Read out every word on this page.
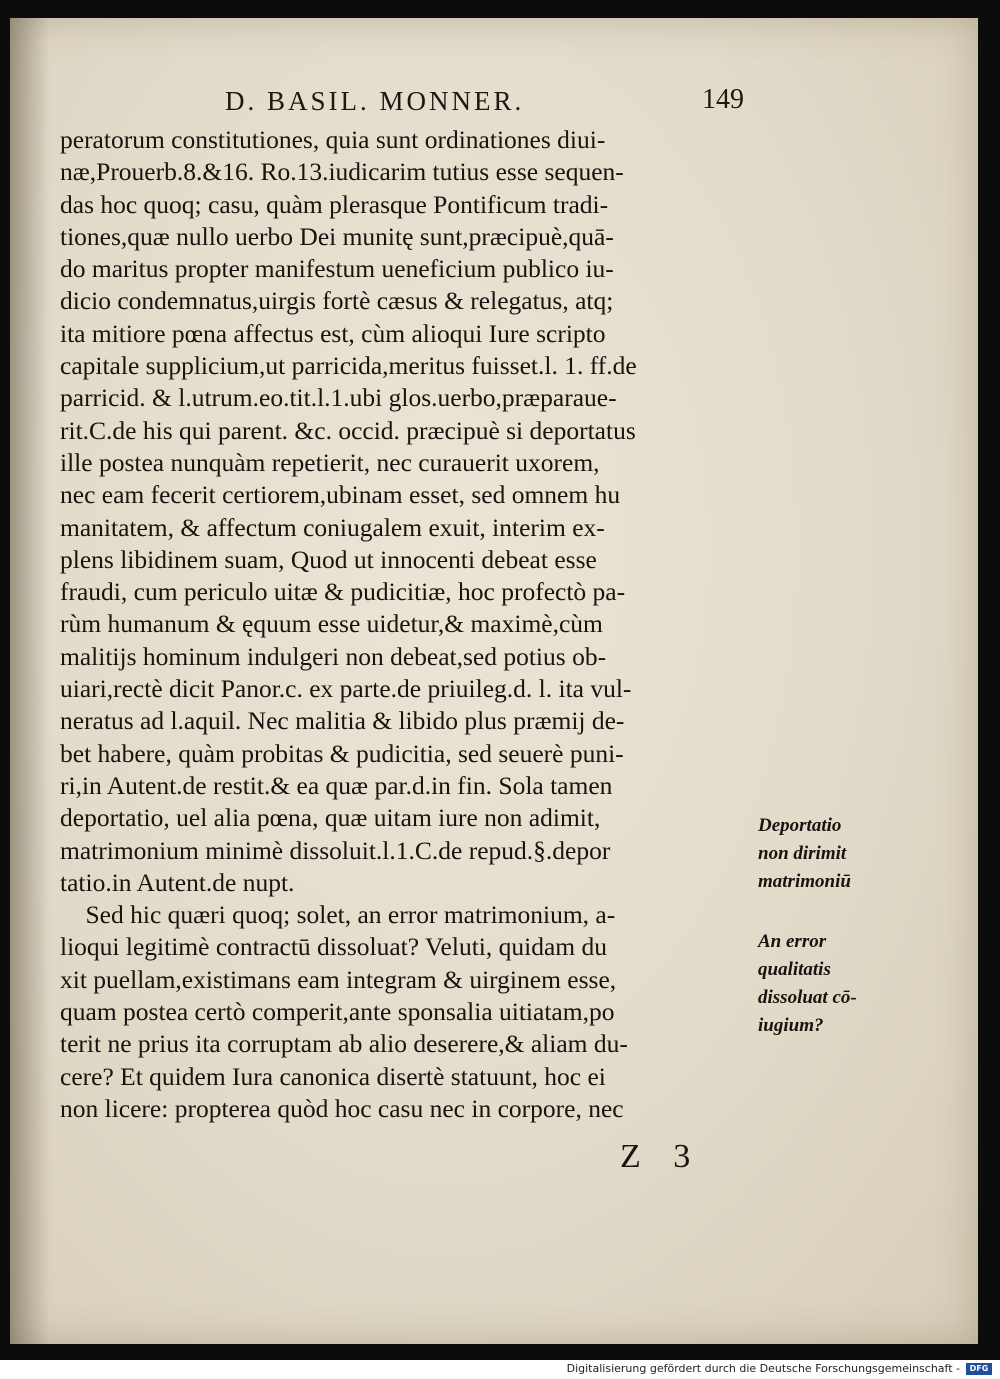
D. BASIL. MONNER.	149
peratorum constitutiones, quia sunt ordinationes diui-
næ,Prouerb.8.&16. Ro.13.iudicarim tutius esse sequen-
das hoc quoq; casu, quàm plerasque Pontificum tradi-
tiones,quæ nullo uerbo Dei munitę sunt,præcipuè,quā-
do maritus propter manifestum ueneficium publico iu-
dicio condemnatus,uirgis fortè cæsus & relegatus, atq;
ita mitiore pœna affectus est, cùm alioqui Iure scripto
capitale supplicium,ut parricida,meritus fuisset.l. 1. ff.de
parricid. & l.utrum.eo.tit.l.1.ubi glos.uerbo,præparaue-
rit.C.de his qui parent. &c. occid. præcipuè si deportatus
ille postea nunquàm repetierit, nec curauerit uxorem,
nec eam fecerit certiorem,ubinam esset, sed omnem hu
manitatem, & affectum coniugalem exuit, interim ex-
plens libidinem suam, Quod ut innocenti debeat esse
fraudi, cum periculo uitæ & pudicitiæ, hoc profectò pa-
rùm humanum & ęquum esse uidetur,& maximè,cùm
malitijs hominum indulgeri non debeat,sed potius ob-
uiari,rectè dicit Panor.c. ex parte.de priuileg.d. l. ita vul-
neratus ad l.aquil. Nec malitia & libido plus præmij de-
bet habere, quàm probitas & pudicitia, sed seuerè puni-
ri,in Autent.de restit.& ea quæ par.d.in fin. Sola tamen
deportatio, uel alia pœna, quæ uitam iure non adimit,
matrimonium minimè dissoluit.l.1.C.de repud.§.depor
tatio.in Autent.de nupt.
Sed hic quæri quoq; solet, an error matrimonium, a-
lioqui legitimè contractū dissoluat? Veluti, quidam du
xit puellam,existimans eam integram & uirginem esse,
quam postea certò comperit,ante sponsalia uitiatam,po
terit ne prius ita corruptam ab alio deserere,& aliam du-
cere? Et quidem Iura canonica disertè statuunt, hoc ei
non licere: propterea quòd hoc casu nec in corpore, nec
Deportatio
non dirimit
matrimoniū
An error
qualitatis
dissoluat cō-
iugium?
Z 3
Digitalisierung gefördert durch die Deutsche Forschungsgemeinschaft -	DFG
